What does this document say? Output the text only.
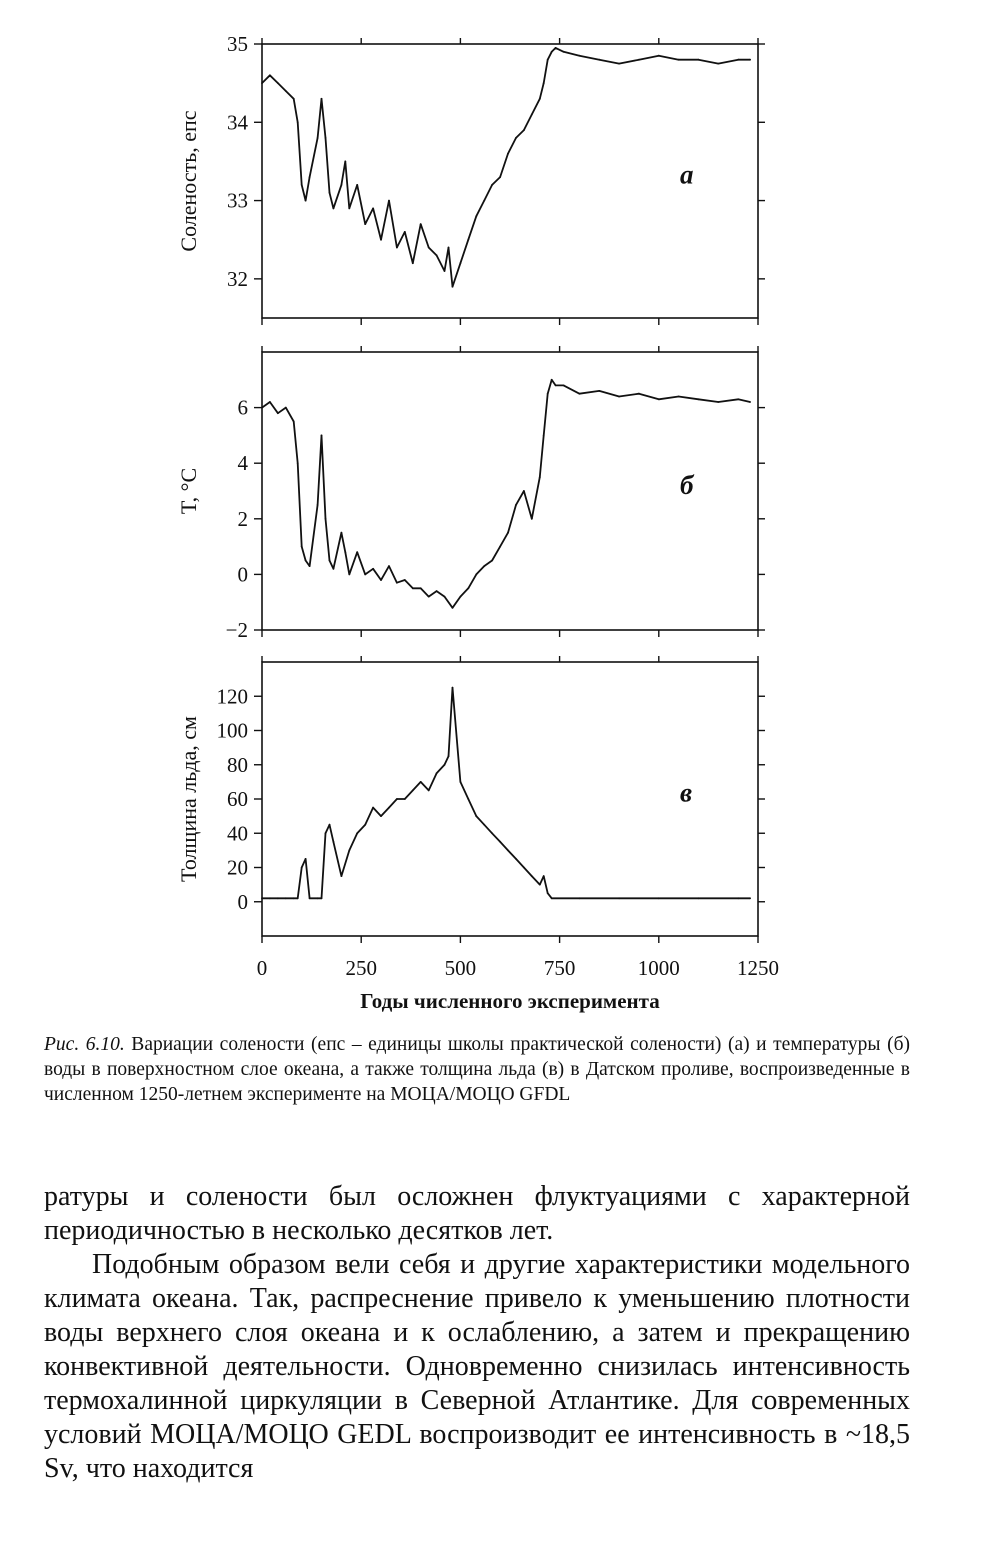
32
33
34
35
Соленость, епс	а
−2
0
2
4
6
T, °C	б
0
20
40
60
80
100
120
0	250	500	750	1000	1250
Толщина льда, см
Годы численного эксперимента
в
Рис. 6.10. Вариации солености (епс – единицы школы практической солености) (а) и температуры (б) воды в поверхностном слое океана, а также толщина льда (в) в Датском проливе, воспроизведенные в численном 1250-летнем эксперименте на МОЦА/МОЦО GFDL

ратуры и солености был осложнен флуктуациями с характерной периодичностью в несколько десятков лет.

Подобным образом вели себя и другие характеристики модельного климата океана. Так, распреснение привело к уменьшению плотности воды верхнего слоя океана и к ослаблению, а затем и прекращению конвективной деятельности. Одновременно снизилась интенсивность термохалинной циркуляции в Северной Атлантике. Для современных условий МОЦА/МОЦО GEDL воспроизводит ее интенсивность в ~18,5 Sv, что находится
